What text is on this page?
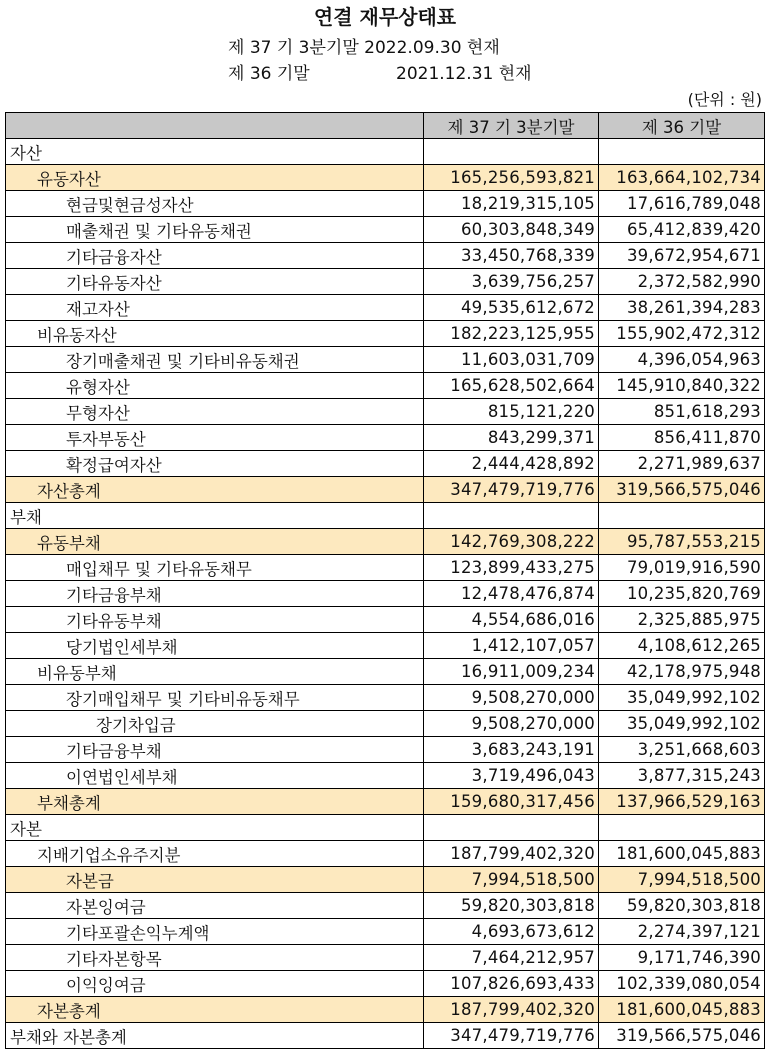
연결 재무상태표
제 37 기 3분기말 2022.09.30 현재
제 36 기말	2021.12.31 현재
(단위 : 원)
	제 37 기 3분기말	제 36 기말
자산		
유동자산	165,256,593,821	163,664,102,734
현금및현금성자산	18,219,315,105	17,616,789,048
매출채권 및 기타유동채권	60,303,848,349	65,412,839,420
기타금융자산	33,450,768,339	39,672,954,671
기타유동자산	3,639,756,257	2,372,582,990
재고자산	49,535,612,672	38,261,394,283
비유동자산	182,223,125,955	155,902,472,312
장기매출채권 및 기타비유동채권	11,603,031,709	4,396,054,963
유형자산	165,628,502,664	145,910,840,322
무형자산	815,121,220	851,618,293
투자부동산	843,299,371	856,411,870
확정급여자산	2,444,428,892	2,271,989,637
자산총계	347,479,719,776	319,566,575,046
부채		
유동부채	142,769,308,222	95,787,553,215
매입채무 및 기타유동채무	123,899,433,275	79,019,916,590
기타금융부채	12,478,476,874	10,235,820,769
기타유동부채	4,554,686,016	2,325,885,975
당기법인세부채	1,412,107,057	4,108,612,265
비유동부채	16,911,009,234	42,178,975,948
장기매입채무 및 기타비유동채무	9,508,270,000	35,049,992,102
장기차입금	9,508,270,000	35,049,992,102
기타금융부채	3,683,243,191	3,251,668,603
이연법인세부채	3,719,496,043	3,877,315,243
부채총계	159,680,317,456	137,966,529,163
자본		
지배기업소유주지분	187,799,402,320	181,600,045,883
자본금	7,994,518,500	7,994,518,500
자본잉여금	59,820,303,818	59,820,303,818
기타포괄손익누계액	4,693,673,612	2,274,397,121
기타자본항목	7,464,212,957	9,171,746,390
이익잉여금	107,826,693,433	102,339,080,054
자본총계	187,799,402,320	181,600,045,883
부채와 자본총계	347,479,719,776	319,566,575,046
